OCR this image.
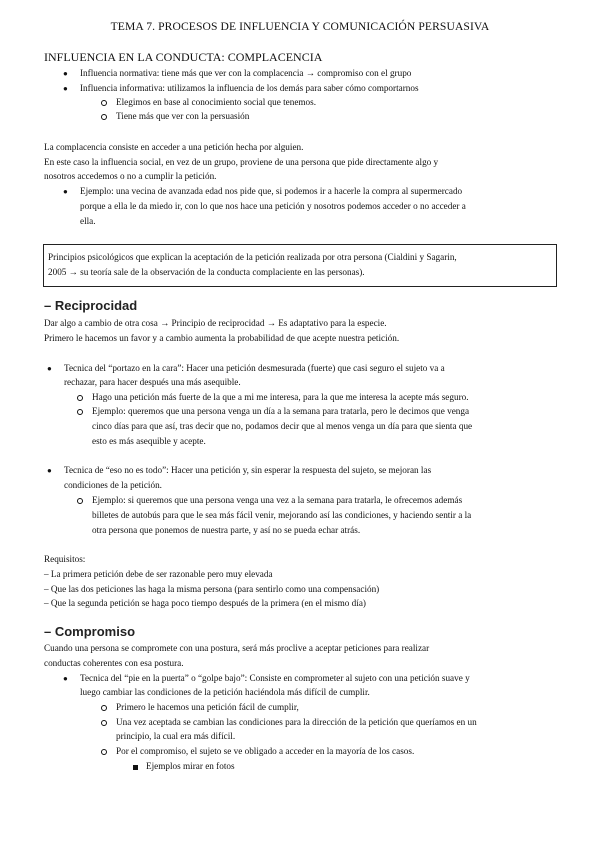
TEMA 7. PROCESOS DE INFLUENCIA Y COMUNICACIÓN PERSUASIVA
INFLUENCIA EN LA CONDUCTA: COMPLACENCIA
● Influencia normativa: tiene más que ver con la complacencia → compromiso con el grupo
● Influencia informativa: utilizamos la influencia de los demás para saber cómo comportarnos
Elegimos en base al conocimiento social que tenemos.
Tiene más que ver con la persuasión
La complacencia consiste en acceder a una petición hecha por alguien.
En este caso la influencia social, en vez de un grupo, proviene de una persona que pide directamente algo y
nosotros accedemos o no a cumplir la petición.
● Ejemplo: una vecina de avanzada edad nos pide que, si podemos ir a hacerle la compra al supermercado
porque a ella le da miedo ir, con lo que nos hace una petición y nosotros podemos acceder o no acceder a
ella.
Principios psicológicos que explican la aceptación de la petición realizada por otra persona (Cialdini y Sagarin,
2005 → su teoría sale de la observación de la conducta complaciente en las personas).
– Reciprocidad
Dar algo a cambio de otra cosa → Principio de reciprocidad → Es adaptativo para la especie.
Primero le hacemos un favor y a cambio aumenta la probabilidad de que acepte nuestra petición.
● Tecnica del “portazo en la cara”: Hacer una petición desmesurada (fuerte) que casi seguro el sujeto va a
rechazar, para hacer después una más asequible.
Hago una petición más fuerte de la que a mi me interesa, para la que me interesa la acepte más seguro.
Ejemplo: queremos que una persona venga un día a la semana para tratarla, pero le decimos que venga
cinco días para que así, tras decir que no, podamos decir que al menos venga un día para que sienta que
esto es más asequible y acepte.
● Tecnica de “eso no es todo”: Hacer una petición y, sin esperar la respuesta del sujeto, se mejoran las
condiciones de la petición.
Ejemplo: si queremos que una persona venga una vez a la semana para tratarla, le ofrecemos además
billetes de autobús para que le sea más fácil venir, mejorando así las condiciones, y haciendo sentir a la
otra persona que ponemos de nuestra parte, y así no se pueda echar atrás.
Requisitos:
– La primera petición debe de ser razonable pero muy elevada
– Que las dos peticiones las haga la misma persona (para sentirlo como una compensación)
– Que la segunda petición se haga poco tiempo después de la primera (en el mismo día)
– Compromiso
Cuando una persona se compromete con una postura, será más proclive a aceptar peticiones para realizar
conductas coherentes con esa postura.
● Tecnica del “pie en la puerta” o “golpe bajo”: Consiste en comprometer al sujeto con una petición suave y
luego cambiar las condiciones de la petición haciéndola más difícil de cumplir.
Primero le hacemos una petición fácil de cumplir,
Una vez aceptada se cambian las condiciones para la dirección de la petición que queríamos en un
principio, la cual era más difícil.
Por el compromiso, el sujeto se ve obligado a acceder en la mayoría de los casos.
Ejemplos mirar en fotos
